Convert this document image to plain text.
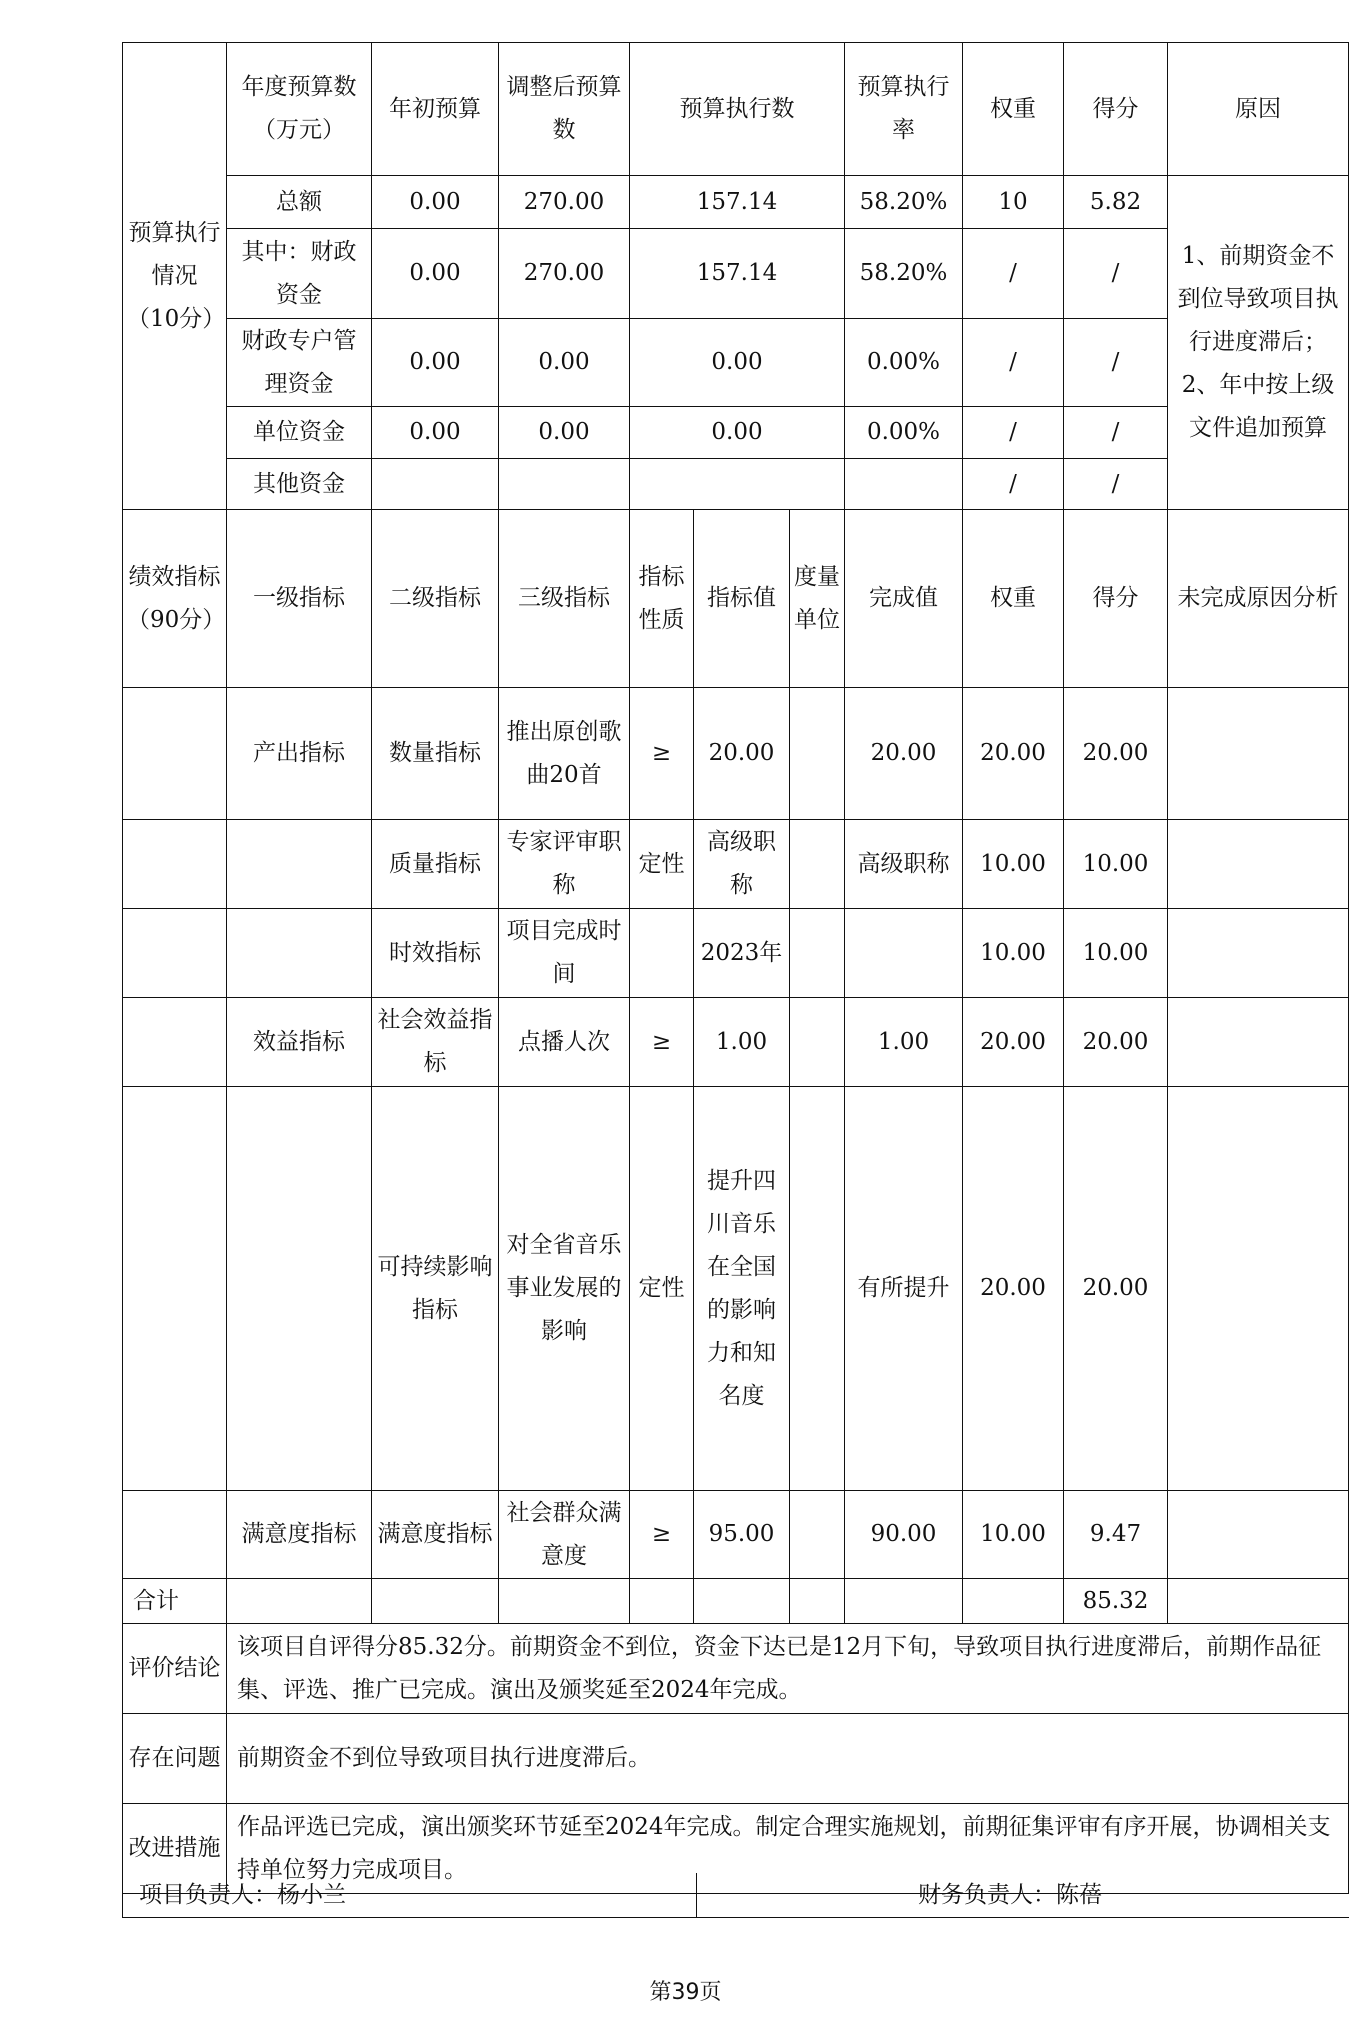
预算执行情况（10分）	年度预算数（万元）	年初预算	调整后预算数	预算执行数			预算执行率	权重	得分	原因
	总额	0.00	270.00	157.14			58.20%	10	5.82	1、前期资金不到位导致项目执行进度滞后；2、年中按上级文件追加预算
	其中：财政资金	0.00	270.00	157.14			58.20%	/	/	
	财政专户管理资金	0.00	0.00	0.00			0.00%	/	/	
	单位资金	0.00	0.00	0.00			0.00%	/	/	
	其他资金							/	/	
绩效指标（90分）	一级指标	二级指标	三级指标	指标性质	指标值	度量单位	完成值	权重	得分	未完成原因分析
	产出指标	数量指标	推出原创歌曲20首	≥	20.00		20.00	20.00	20.00	
		质量指标	专家评审职称	定性	高级职称		高级职称	10.00	10.00	
		时效指标	项目完成时间		2023年			10.00	10.00	
	效益指标	社会效益指标	点播人次	≥	1.00		1.00	20.00	20.00	
		可持续影响指标	对全省音乐事业发展的影响	定性	提升四川音乐在全国的影响力和知名度		有所提升	20.00	20.00	
	满意度指标	满意度指标	社会群众满意度	≥	95.00		90.00	10.00	9.47	
合计									85.32	
评价结论	该项目自评得分85.32分。前期资金不到位，资金下达已是12月下旬，导致项目执行进度滞后，前期作品征集、评选、推广已完成。演出及颁奖延至2024年完成。									
存在问题	前期资金不到位导致项目执行进度滞后。									
改进措施	作品评选已完成，演出颁奖环节延至2024年完成。制定合理实施规划，前期征集评审有序开展，协调相关支持单位努力完成项目。									
项目负责人：杨小兰	财务负责人：陈蓓
第39页
